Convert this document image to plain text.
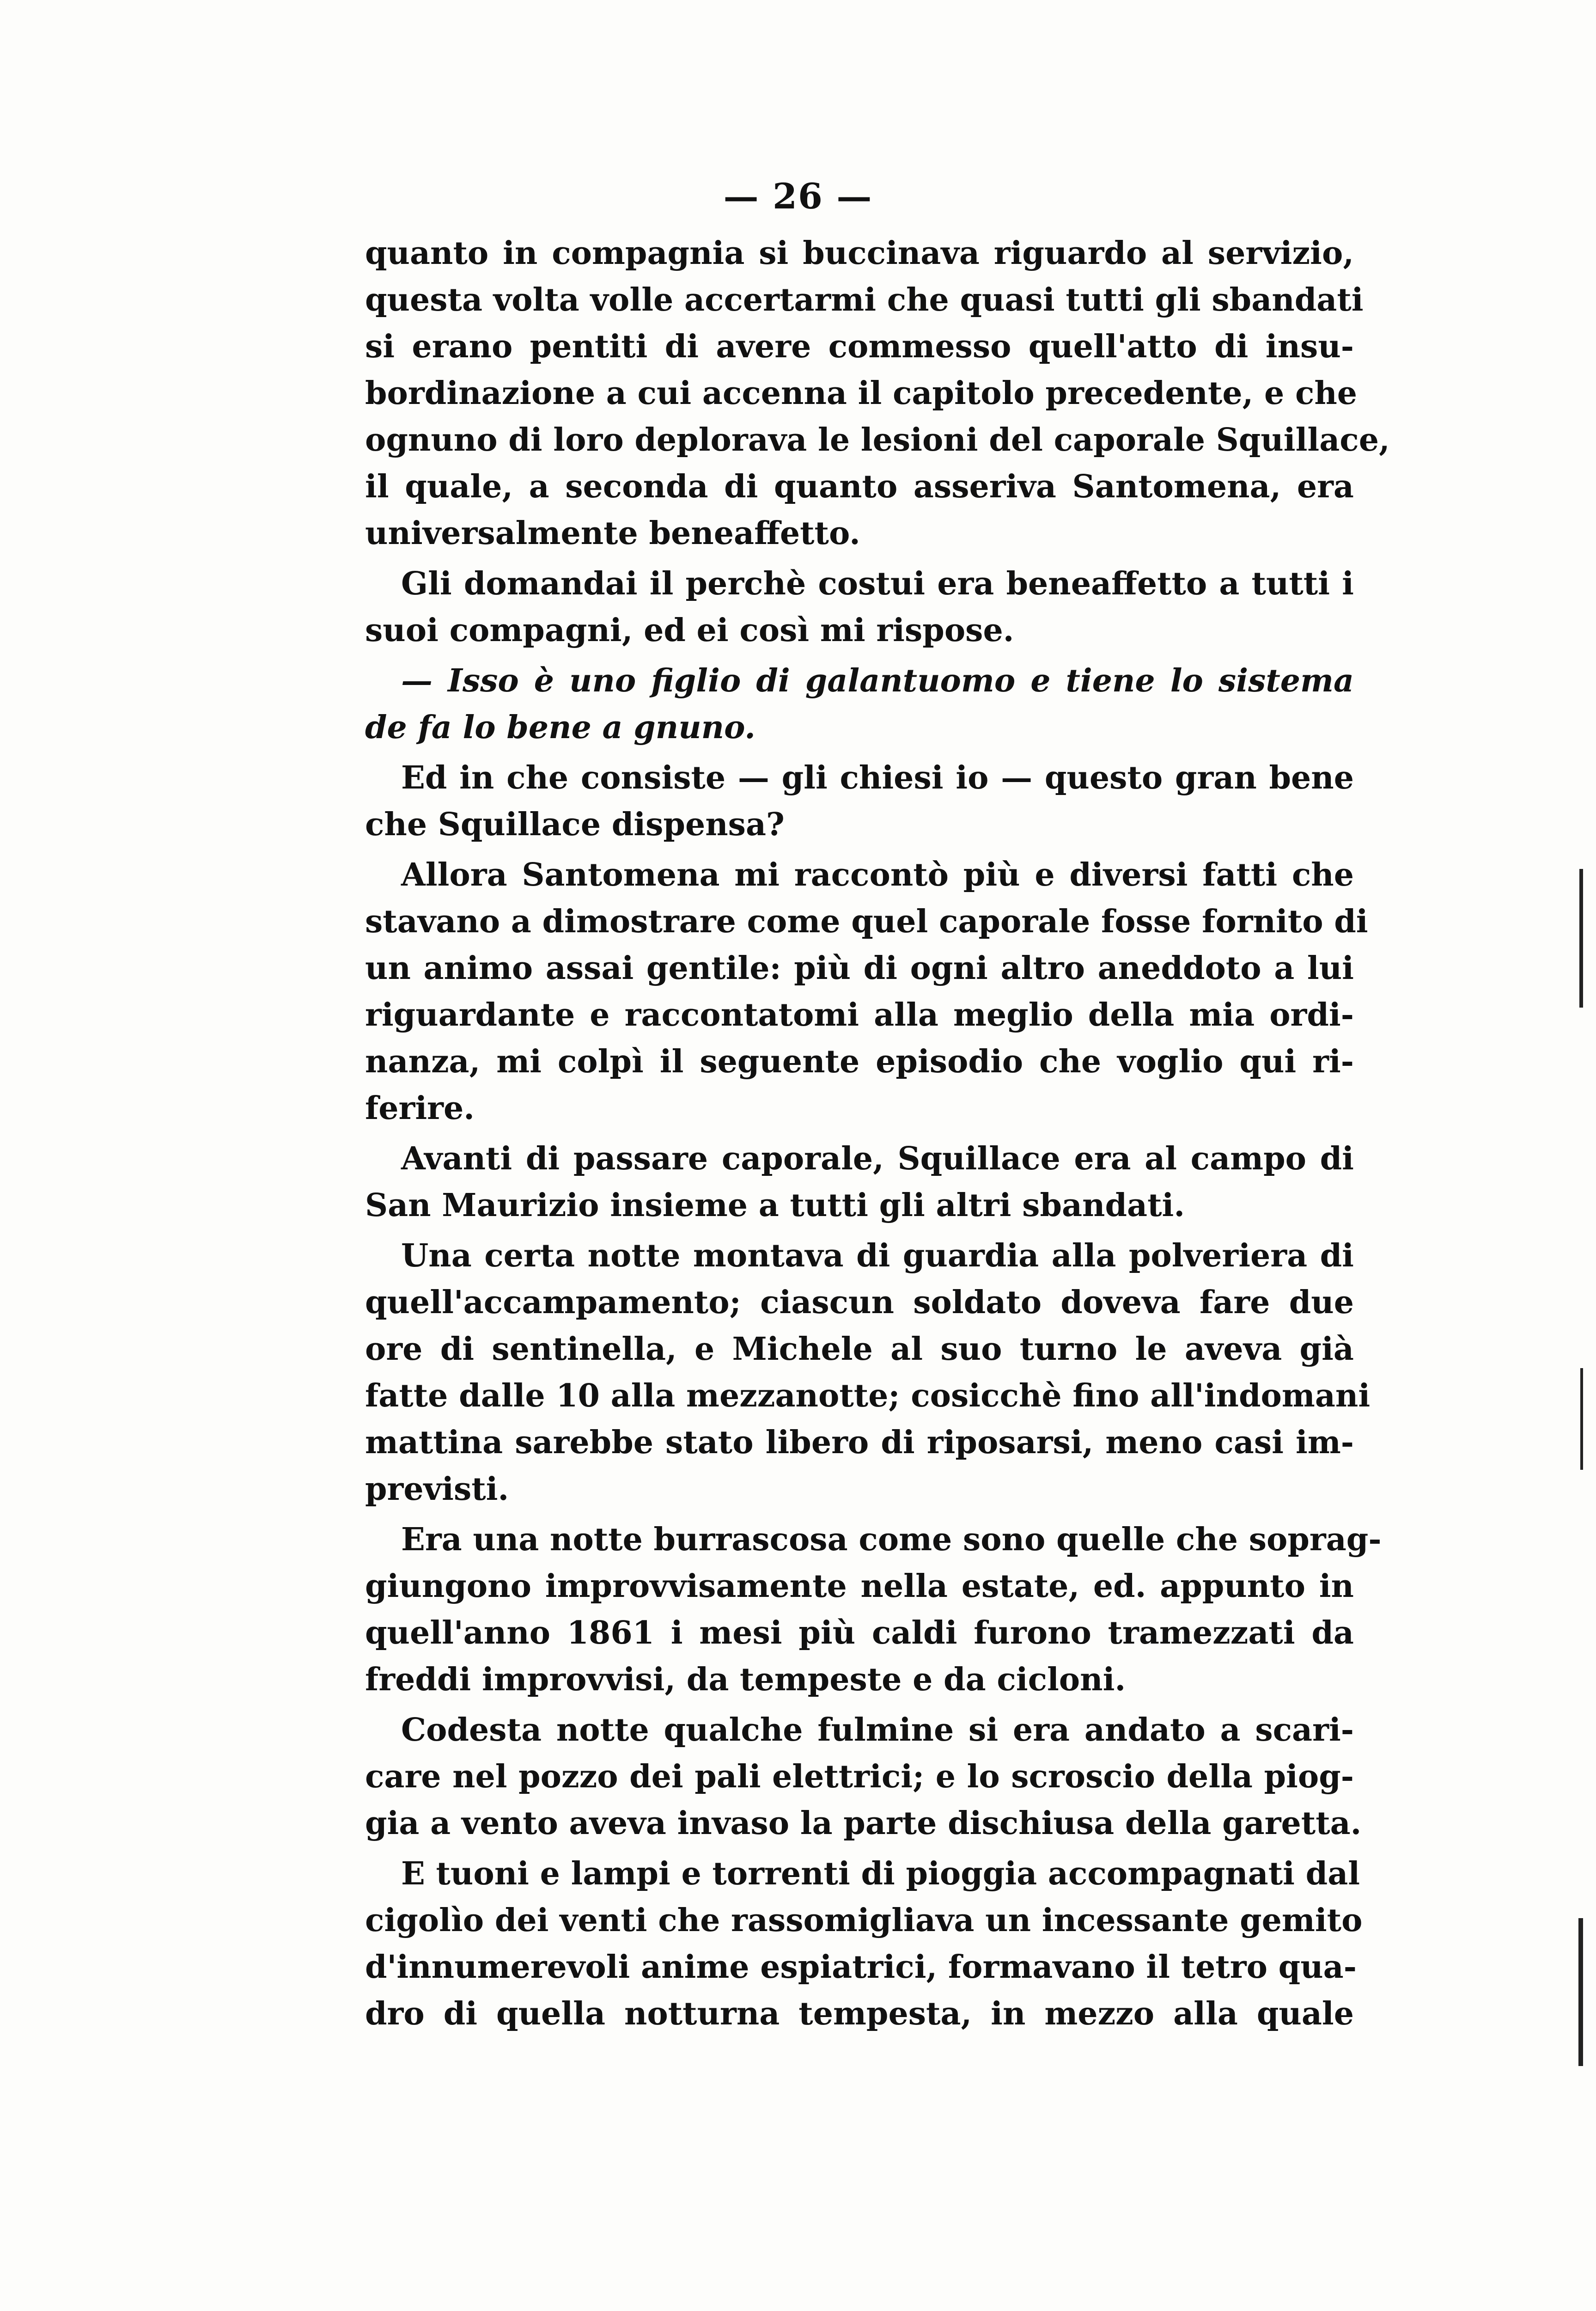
— 26 —
quanto in compagnia si buccinava riguardo al servizio,
questa volta volle accertarmi che quasi tutti gli sbandati
si erano pentiti di avere commesso quell'atto di insu-
bordinazione a cui accenna il capitolo precedente, e che
ognuno di loro deplorava le lesioni del caporale Squillace,
il quale, a seconda di quanto asseriva Santomena, era
universalmente beneaffetto.
Gli domandai il perchè costui era beneaffetto a tutti i
suoi compagni, ed ei così mi rispose.
— Isso è uno figlio di galantuomo e tiene lo sistema
de fa lo bene a gnuno.
Ed in che consiste — gli chiesi io — questo gran bene
che Squillace dispensa?
Allora Santomena mi raccontò più e diversi fatti che
stavano a dimostrare come quel caporale fosse fornito di
un animo assai gentile: più di ogni altro aneddoto a lui
riguardante e raccontatomi alla meglio della mia ordi-
nanza, mi colpì il seguente episodio che voglio qui ri-
ferire.
Avanti di passare caporale, Squillace era al campo di
San Maurizio insieme a tutti gli altri sbandati.
Una certa notte montava di guardia alla polveriera di
quell'accampamento; ciascun soldato doveva fare due
ore di sentinella, e Michele al suo turno le aveva già
fatte dalle 10 alla mezzanotte; cosicchè fino all'indomani
mattina sarebbe stato libero di riposarsi, meno casi im-
previsti.
Era una notte burrascosa come sono quelle che soprag-
giungono improvvisamente nella estate, ed. appunto in
quell'anno 1861 i mesi più caldi furono tramezzati da
freddi improvvisi, da tempeste e da cicloni.
Codesta notte qualche fulmine si era andato a scari-
care nel pozzo dei pali elettrici; e lo scroscio della piog-
gia a vento aveva invaso la parte dischiusa della garetta.
E tuoni e lampi e torrenti di pioggia accompagnati dal
cigolìo dei venti che rassomigliava un incessante gemito
d'innumerevoli anime espiatrici, formavano il tetro qua-
dro di quella notturna tempesta, in mezzo alla quale
